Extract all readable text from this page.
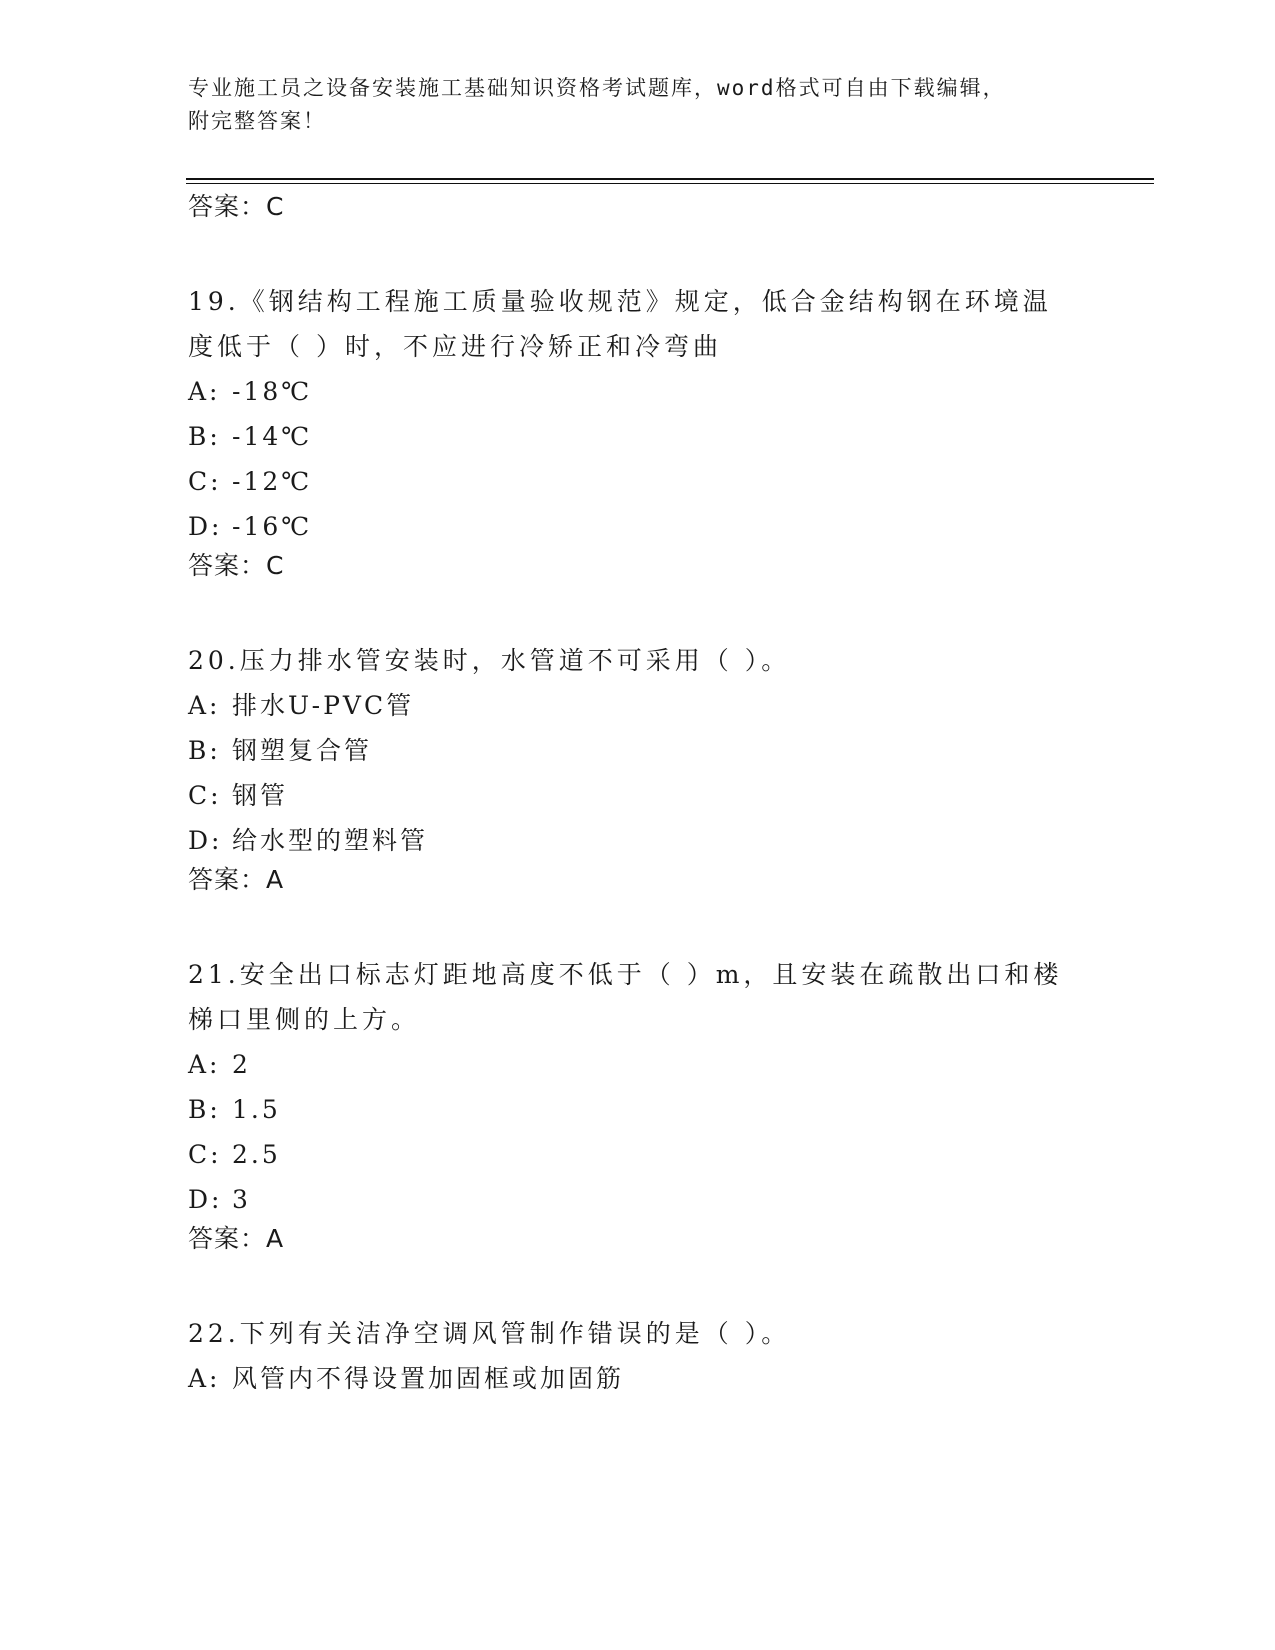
专业施工员之设备安装施工基础知识资格考试题库，word格式可自由下载编辑，
附完整答案！
答案：C
19.《钢结构工程施工质量验收规范》规定，低合金结构钢在环境温度低于（ ）时，不应进行冷矫正和冷弯曲
A: -18℃
B: -14℃
C: -12℃
D: -16℃
答案：C
20.压力排水管安装时，水管道不可采用（ ）。
A: 排水U-PVC管
B: 钢塑复合管
C: 钢管
D: 给水型的塑料管
答案：A
21.安全出口标志灯距地高度不低于（ ）m，且安装在疏散出口和楼梯口里侧的上方。
A: 2
B: 1.5
C: 2.5
D: 3
答案：A
22.下列有关洁净空调风管制作错误的是（ ）。
A: 风管内不得设置加固框或加固筋
